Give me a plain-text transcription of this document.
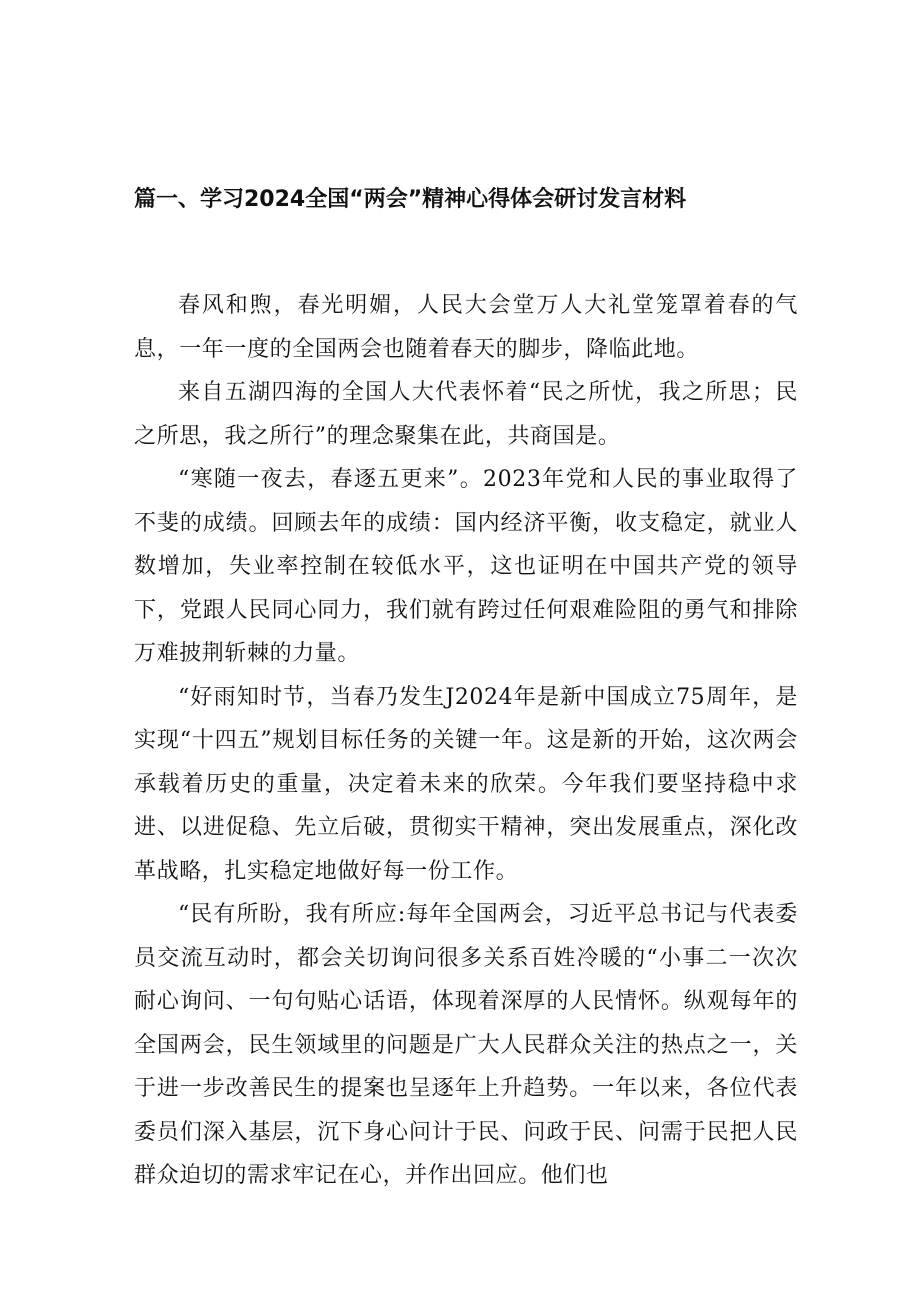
篇一、学习2024全国“两会”精神心得体会研讨发言材料

春风和煦，春光明媚，人民大会堂万人大礼堂笼罩着春的气息，一年一度的全国两会也随着春天的脚步，降临此地。

来自五湖四海的全国人大代表怀着“民之所忧，我之所思；民之所思，我之所行”的理念聚集在此，共商国是。

“寒随一夜去，春逐五更来”。2023年党和人民的事业取得了不斐的成绩。回顾去年的成绩：国内经济平衡，收支稳定，就业人数增加，失业率控制在较低水平，这也证明在中国共产党的领导下，党跟人民同心同力，我们就有跨过任何艰难险阻的勇气和排除万难披荆斩棘的力量。

“好雨知时节，当春乃发生J2024年是新中国成立75周年，是实现“十四五”规划目标任务的关键一年。这是新的开始，这次两会承载着历史的重量，决定着未来的欣荣。今年我们要坚持稳中求进、以进促稳、先立后破，贯彻实干精神，突出发展重点，深化改革战略，扎实稳定地做好每一份工作。

“民有所盼，我有所应:每年全国两会，习近平总书记与代表委员交流互动时，都会关切询问很多关系百姓冷暖的“小事二一次次耐心询问、一句句贴心话语，体现着深厚的人民情怀。纵观每年的全国两会，民生领域里的问题是广大人民群众关注的热点之一，关于进一步改善民生的提案也呈逐年上升趋势。一年以来，各位代表委员们深入基层，沉下身心问计于民、问政于民、问需于民把人民群众迫切的需求牢记在心，并作出回应。他们也
